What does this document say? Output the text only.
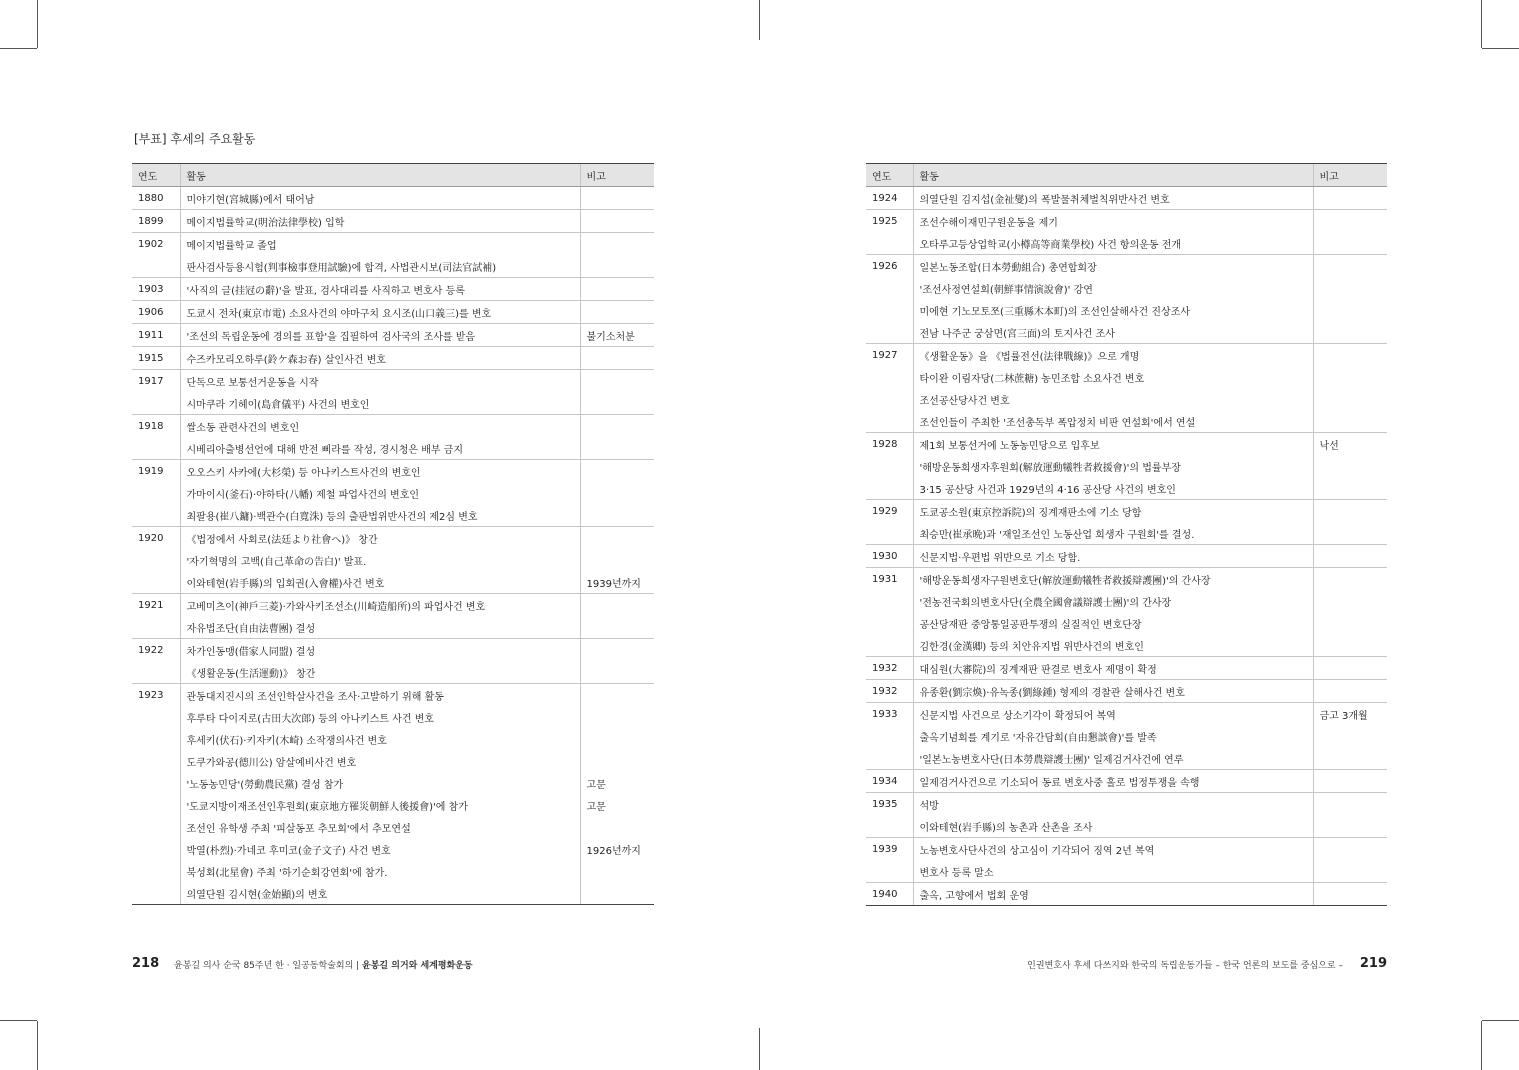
[부표] 후세의 주요활동
연도	활동	비고
1880	미야기현(宮城縣)에서 태어남	
1899	메이지법률학교(明治法律學校) 입학	
1902	메이지법률학교 졸업	
	판사검사등용시험(判事檢事登用試驗)에 합격, 사법관시보(司法官試補)	
1903	'사직의 글(挂冠の辭)'을 발표, 검사대리를 사직하고 변호사 등록	
1906	도쿄시 전차(東京市電) 소요사건의 야마구치 요시조(山口義三)를 변호	
1911	'조선의 독립운동에 경의를 표함'을 집필하여 검사국의 조사를 받음	불기소처분
1915	수즈카모리오하루(鈴ケ森お春) 살인사건 변호	
1917	단독으로 보통선거운동을 시작	
	시마쿠라 기헤이(島倉儀平) 사건의 변호인	
1918	쌀소동 관련사건의 변호인	
	시베리아출병선언에 대해 반전 삐라를 작성, 경시청은 배부 금지	
1919	오오스키 사카에(大杉榮) 등 아나키스트사건의 변호인	
	가마이시(釜石)·야하타(八幡) 제철 파업사건의 변호인	
	최팔용(崔八鏞)·백관수(白寬洙) 등의 출판법위반사건의 제2심 변호	
1920	《법정에서 사회로(法廷より社會へ)》 창간	
	'자기혁명의 고백(自己革命の告白)' 발표.	
	이와테현(岩手縣)의 입회권(入會權)사건 변호	1939년까지
1921	고베미츠이(神戶三菱)·가와사키조선소(川崎造船所)의 파업사건 변호	
	자유법조단(自由法曹團) 결성	
1922	차가인동맹(借家人同盟) 결성	
	《생활운동(生活運動)》 창간	
1923	관동대지진시의 조선인학살사건을 조사·고발하기 위해 활동	
	후루타 다이지로(古田大次郎) 등의 아나키스트 사건 변호	
	후세키(伏石)·키자키(木崎) 소작쟁의사건 변호	
	도쿠가와공(德川公) 암살예비사건 변호	
	'노동농민당'(勞動農民黨) 결성 참가	고문
	'도쿄지방이재조선인후원회(東京地方罹災朝鮮人後援會)'에 참가	고문
	조선인 유학생 주최 '피살동포 추모회'에서 추모연설	
	박열(朴烈)·가네코 후미코(金子文子) 사건 변호	1926년까지
	북성회(北星會) 주최 '하기순회강연회'에 참가.	
	의열단원 김시현(金始顯)의 변호	
연도	활동	비고
1924	의열단원 김지섭(金祉燮)의 폭발물취체벌칙위반사건 변호	
1925	조선수해이재민구원운동을 제기	
	오타루고등상업학교(小樽高等商業學校) 사건 항의운동 전개	
1926	일본노동조합(日本勞動組合) 총연합회장	
	'조선사정연설회(朝鮮事情演說會)' 강연	
	미에현 기노모토쪼(三重縣木本町)의 조선인살해사건 진상조사	
	전남 나주군 궁삼면(宮三面)의 토지사건 조사	
1927	《생활운동》을 《법률전선(法律戰線)》으로 개명	
	타이완 이림자당(二林蔗糖) 농민조합 소요사건 변호	
	조선공산당사건 변호	
	조선인들이 주최한 '조선총독부 폭압정치 비판 연설회'에서 연설	
1928	제1회 보통선거에 노동농민당으로 입후보	낙선
	'해방운동희생자후원회(解放運動犧牲者救援會)'의 법률부장	
	3·15 공산당 사건과 1929년의 4·16 공산당 사건의 변호인	
1929	도쿄공소원(東京控訴院)의 징계재판소에 기소 당함	
	최승만(崔承晩)과 '재일조선인 노동산업 희생자 구원회'를 결성.	
1930	신문지법·우편법 위반으로 기소 당함.	
1931	'해방운동희생자구원변호단(解放運動犧牲者救援辯護團)'의 간사장	
	'전농전국회의변호사단(全農全國會議辯護士團)'의 간사장	
	공산당재판 중앙통일공판투쟁의 실질적인 변호단장	
	김한경(金漢卿) 등의 치안유지법 위반사건의 변호인	
1932	대심원(大審院)의 징계재판 판결로 변호사 제명이 확정	
1932	유종환(劉宗煥)·유녹종(劉綠鍾) 형제의 경찰관 살해사건 변호	
1933	신문지법 사건으로 상소기각이 확정되어 복역	금고 3개월
	출옥기념회를 계기로 '자유간담회(自由懇談會)'를 발족	
	'일본노농변호사단(日本勞農辯護士團)' 일제검거사건에 연루	
1934	일제검거사건으로 기소되어 동료 변호사중 홀로 법정투쟁을 속행	
1935	석방	
	이와테현(岩手縣)의 농촌과 산촌을 조사	
1939	노농변호사단사건의 상고심이 기각되어 징역 2년 복역	
	변호사 등록 말소	
1940	출옥, 고향에서 법회 운영	
218 윤봉길 의사 순국 85주년 한 · 일공동학술회의 | 윤봉길 의거와 세계평화운동	인권변호사 후세 다쓰지와 한국의 독립운동가들 – 한국 언론의 보도를 중심으로 – 219
